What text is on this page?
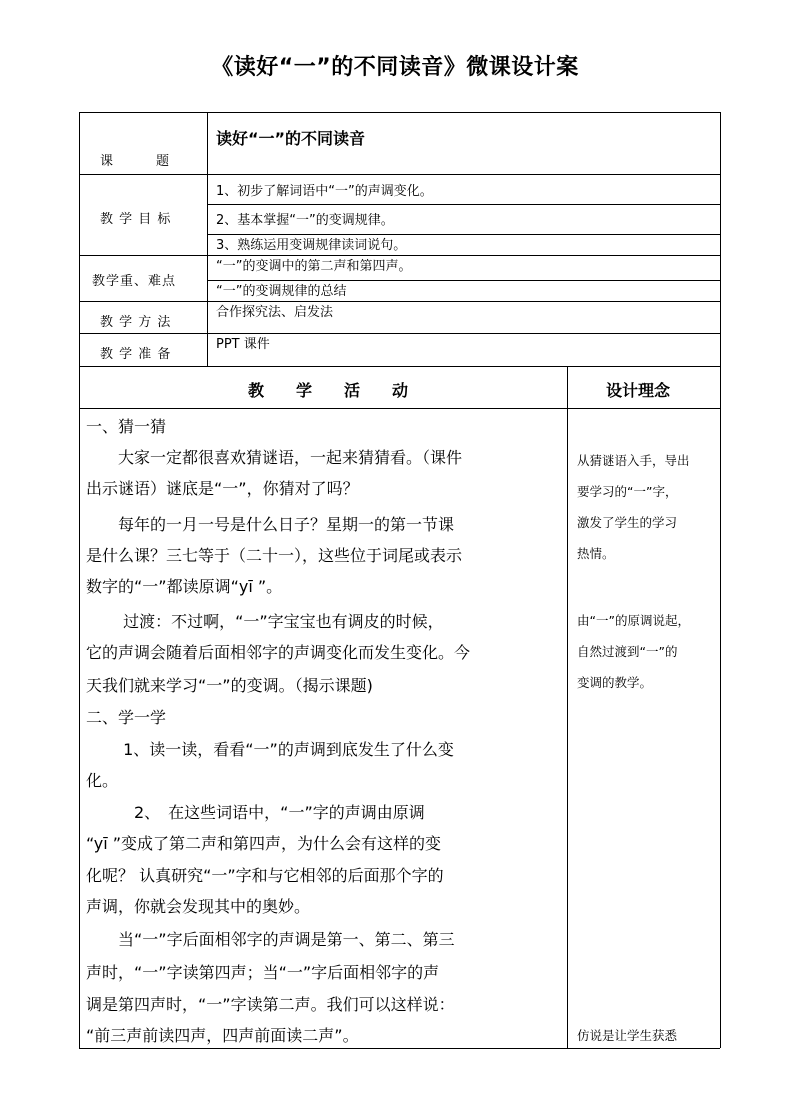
《读好“一”的不同读音》微课设计案
课　　　题
读好“一”的不同读音
教 学 目 标
1、初步了解词语中“一”的声调变化。
2、基本掌握“一”的变调规律。
3、熟练运用变调规律读词说句。
教学重、难点
“一”的变调中的第二声和第四声。
“一”的变调规律的总结
教 学 方 法
合作探究法、启发法
教 学 准 备
PPT 课件
教　　学　　活　　动	设计理念
一、猜一猜
　　大家一定都很喜欢猜谜语，一起来猜猜看。（课件
出示谜语）谜底是“一”，你猜对了吗？
　　每年的一月一号是什么日子？星期一的第一节课
是什么课？三七等于（二十一），这些位于词尾或表示
数字的“一”都读原调“yī ”。
　　 过渡：不过啊，“一”字宝宝也有调皮的时候，
它的声调会随着后面相邻字的声调变化而发生变化。今
天我们就来学习“一”的变调。（揭示课题)
二、学一学
　　 1、读一读，看看“一”的声调到底发生了什么变
化。
　　　2、　在这些词语中，“一”字的声调由原调
“yī ”变成了第二声和第四声，为什么会有这样的变
化呢？ 认真研究“一”字和与它相邻的后面那个字的
声调，你就会发现其中的奥妙。
　　当“一”字后面相邻字的声调是第一、第二、第三
声时，“一”字读第四声；当“一”字后面相邻字的声
调是第四声时，“一”字读第二声。我们可以这样说：
“前三声前读四声，四声前面读二声”。
从猜谜语入手，导出
要学习的“一”字，
激发了学生的学习
热情。
由“一”的原调说起，
自然过渡到“一”的
变调的教学。
仿说是让学生获悉
